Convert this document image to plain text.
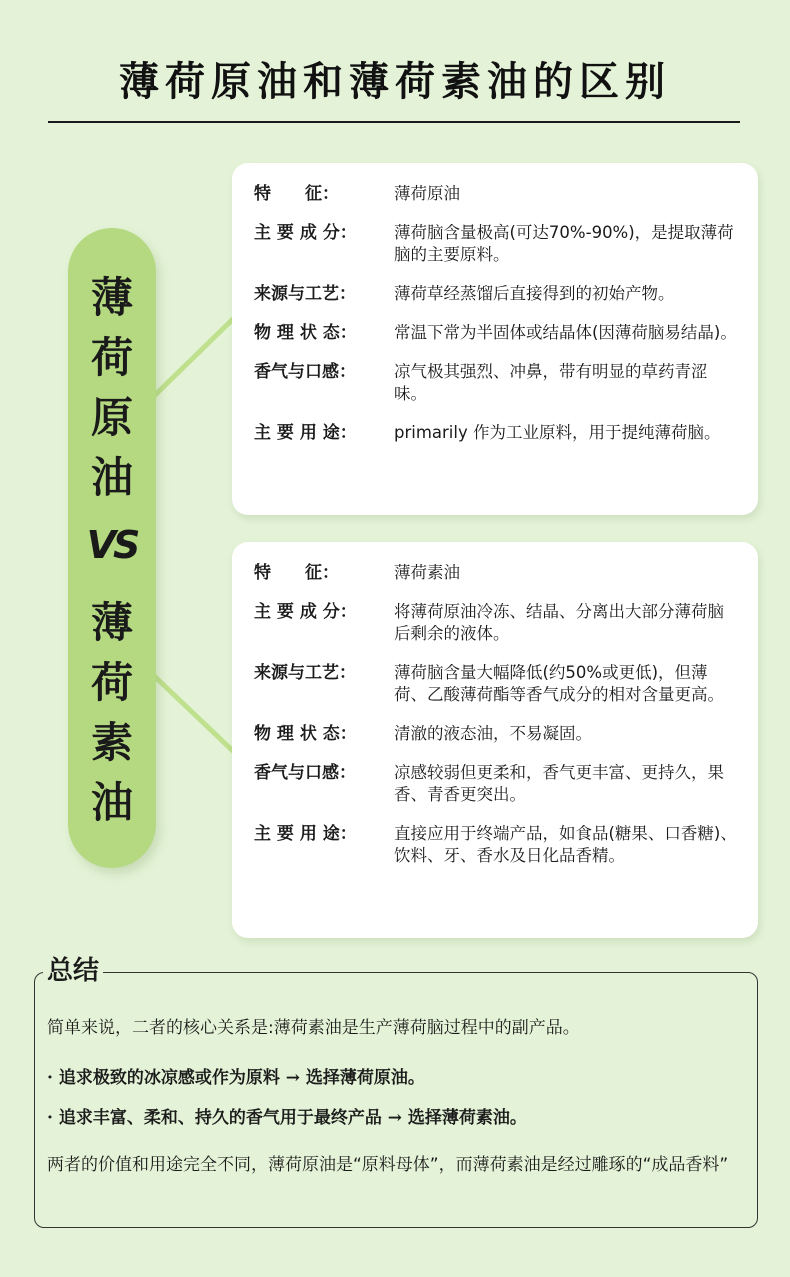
薄荷原油和薄荷素油的区别
薄
荷
原
油
VS
薄
荷
素
油
特　　征：	薄荷原油
主 要 成 分：	薄荷脑含量极高(可达70%-90%)，是提取薄荷脑的主要原料。
来源与工艺：	薄荷草经蒸馏后直接得到的初始产物。
物 理 状 态：	常温下常为半固体或结晶体(因薄荷脑易结晶)。
香气与口感：	凉气极其强烈、冲鼻，带有明显的草药青涩味。
主 要 用 途：	primarily 作为工业原料，用于提纯薄荷脑。
特　　征：	薄荷素油
主 要 成 分：	将薄荷原油冷冻、结晶、分离出大部分薄荷脑后剩余的液体。
来源与工艺：	薄荷脑含量大幅降低(约50%或更低)，但薄荷、乙酸薄荷酯等香气成分的相对含量更高。
物 理 状 态：	清澈的液态油，不易凝固。
香气与口感：	凉感较弱但更柔和，香气更丰富、更持久，果香、青香更突出。
主 要 用 途：	直接应用于终端产品，如食品(糖果、口香糖)、饮料、牙、香水及日化品香精。
总结
简单来说，二者的核心关系是:薄荷素油是生产薄荷脑过程中的副产品。
· 追求极致的冰凉感或作为原料 → 选择薄荷原油。
· 追求丰富、柔和、持久的香气用于最终产品 → 选择薄荷素油。
两者的价值和用途完全不同，薄荷原油是“原料母体”，而薄荷素油是经过雕琢的“成品香料”
